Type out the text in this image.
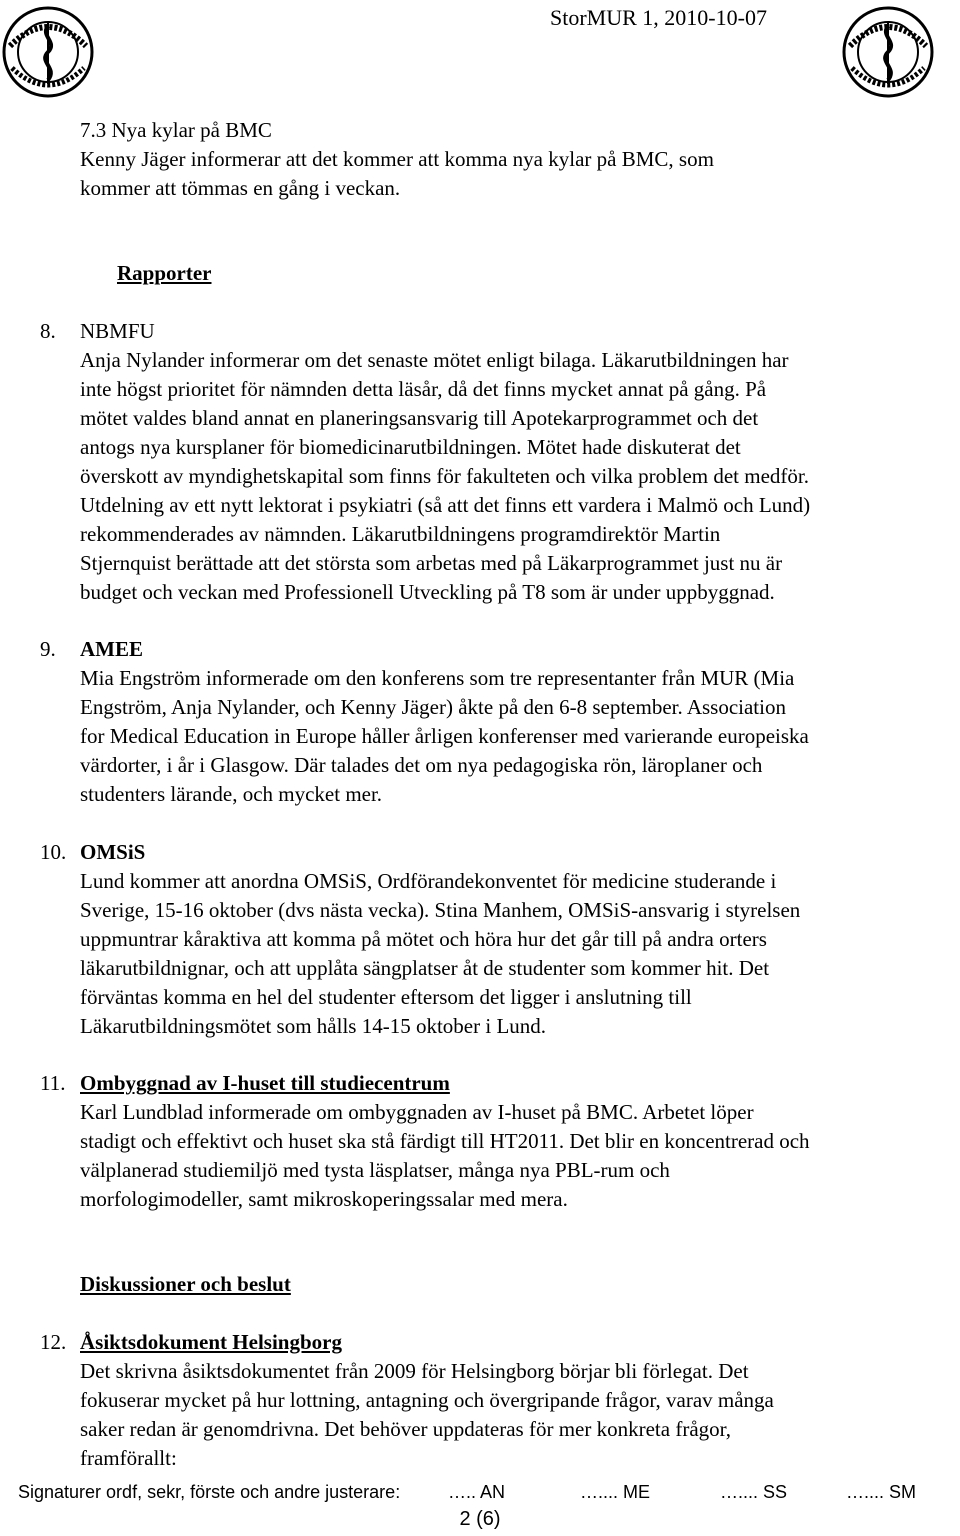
StorMUR 1, 2010-10-07
7.3 Nya kylar på BMC
Kenny Jäger informerar att det kommer att komma nya kylar på BMC, som
kommer att tömmas en gång i veckan.
Rapporter
8. NBMFU
Anja Nylander informerar om det senaste mötet enligt bilaga. Läkarutbildningen har
inte högst prioritet för nämnden detta läsår, då det finns mycket annat på gång. På
mötet valdes bland annat en planeringsansvarig till Apotekarprogrammet och det
antogs nya kursplaner för biomedicinarutbildningen. Mötet hade diskuterat det
överskott av myndighetskapital som finns för fakulteten och vilka problem det medför.
Utdelning av ett nytt lektorat i psykiatri (så att det finns ett vardera i Malmö och Lund)
rekommenderades av nämnden. Läkarutbildningens programdirektör Martin
Stjernquist berättade att det största som arbetas med på Läkarprogrammet just nu är
budget och veckan med Professionell Utveckling på T8 som är under uppbyggnad.
9. AMEE
Mia Engström informerade om den konferens som tre representanter från MUR (Mia
Engström, Anja Nylander, och Kenny Jäger) åkte på den 6-8 september. Association
for Medical Education in Europe håller årligen konferenser med varierande europeiska
värdorter, i år i Glasgow. Där talades det om nya pedagogiska rön, läroplaner och
studenters lärande, och mycket mer.
10. OMSiS
Lund kommer att anordna OMSiS, Ordförandekonventet för medicine studerande i
Sverige, 15-16 oktober (dvs nästa vecka). Stina Manhem, OMSiS-ansvarig i styrelsen
uppmuntrar kåraktiva att komma på mötet och höra hur det går till på andra orters
läkarutbildnignar, och att upplåta sängplatser åt de studenter som kommer hit. Det
förväntas komma en hel del studenter eftersom det ligger i anslutning till
Läkarutbildningsmötet som hålls 14-15 oktober i Lund.
11. Ombyggnad av I-huset till studiecentrum
Karl Lundblad informerade om ombyggnaden av I-huset på BMC. Arbetet löper
stadigt och effektivt och huset ska stå färdigt till HT2011. Det blir en koncentrerad och
välplanerad studiemiljö med tysta läsplatser, många nya PBL-rum och
morfologimodeller, samt mikroskoperingssalar med mera.
Diskussioner och beslut
12. Åsiktsdokument Helsingborg
Det skrivna åsiktsdokumentet från 2009 för Helsingborg börjar bli förlegat. Det
fokuserar mycket på hur lottning, antagning och övergripande frågor, varav många
saker redan är genomdrivna. Det behöver uppdateras för mer konkreta frågor,
framförallt:
Signaturer ordf, sekr, förste och andre justerare:	….. AN	….... ME	….... SS	….... SM
2 (6)
